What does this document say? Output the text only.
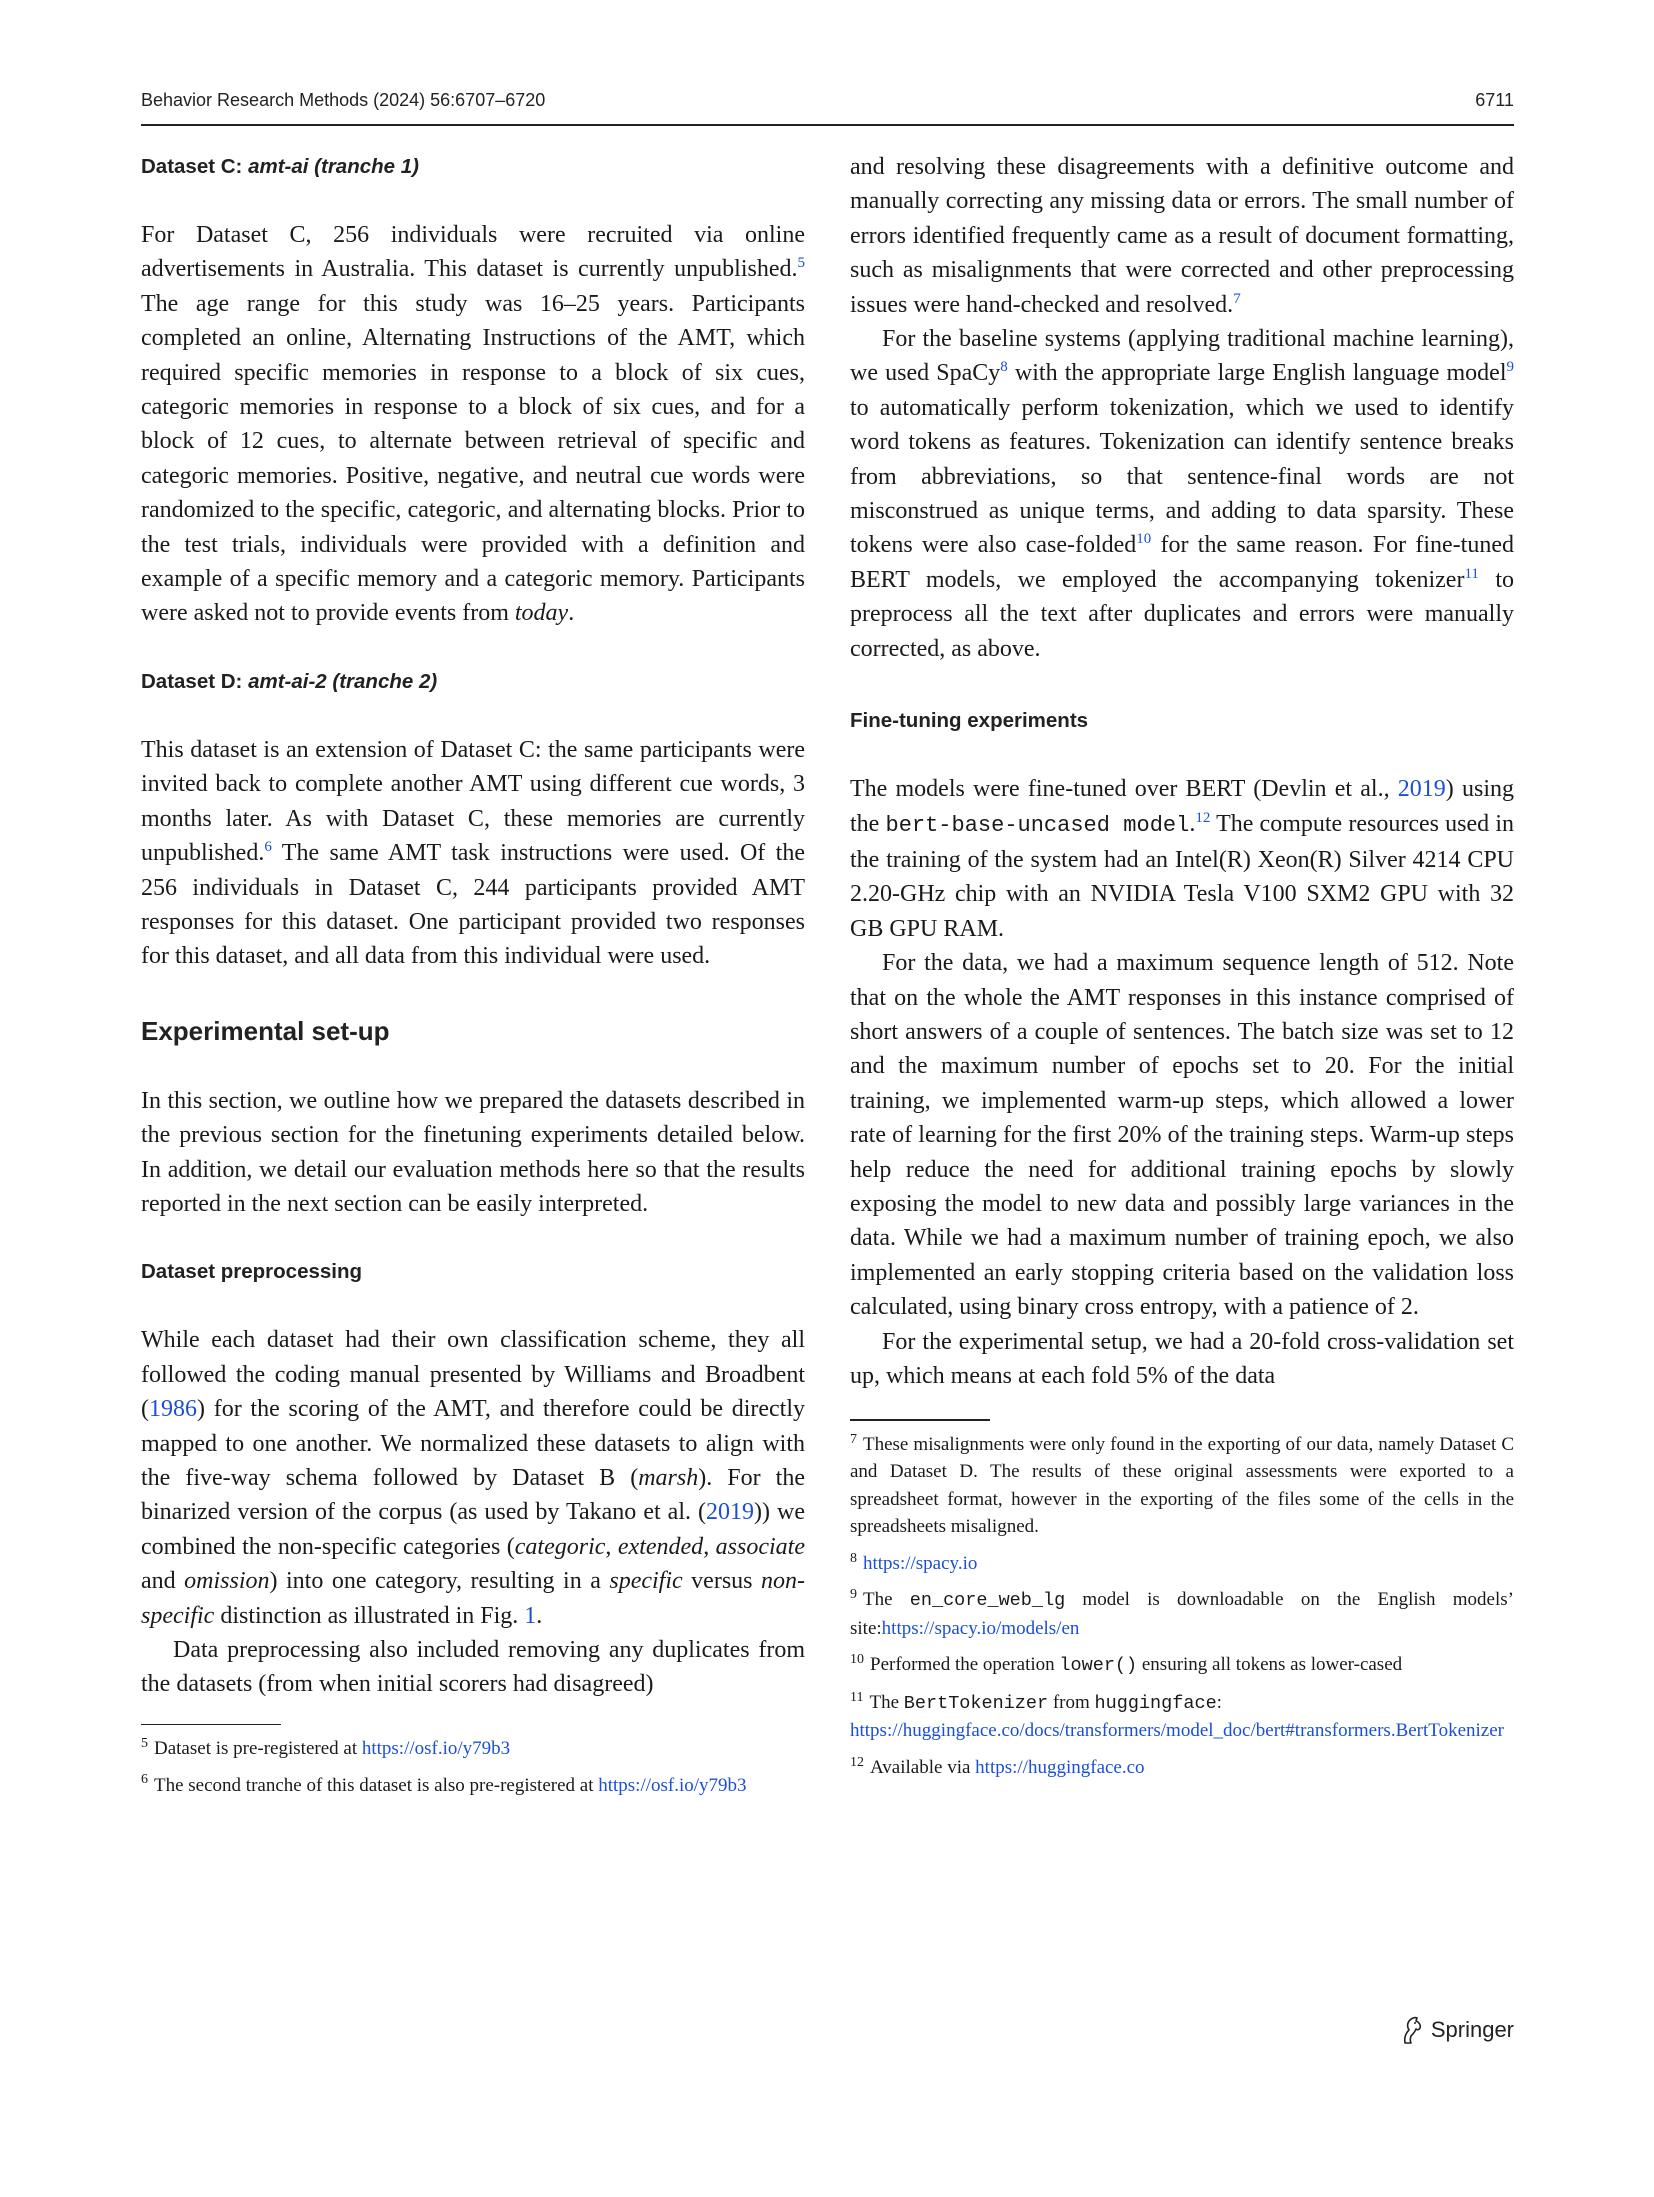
Behavior Research Methods (2024) 56:6707–6720	6711
Dataset C: amt-ai (tranche 1)

For Dataset C, 256 individuals were recruited via online advertisements in Australia. This dataset is currently unpublished.$^5$ The age range for this study was 16–25 years. Participants completed an online, Alternating Instructions of the AMT, which required specific memories in response to a block of six cues, categoric memories in response to a block of six cues, and for a block of 12 cues, to alternate between retrieval of specific and categoric memories. Positive, negative, and neutral cue words were randomized to the specific, categoric, and alternating blocks. Prior to the test trials, individuals were provided with a definition and example of a specific memory and a categoric memory. Participants were asked not to provide events from today.

Dataset D: amt-ai-2 (tranche 2)

This dataset is an extension of Dataset C: the same participants were invited back to complete another AMT using different cue words, 3 months later. As with Dataset C, these memories are currently unpublished.$^6$ The same AMT task instructions were used. Of the 256 individuals in Dataset C, 244 participants provided AMT responses for this dataset. One participant provided two responses for this dataset, and all data from this individual were used.

Experimental set-up

In this section, we outline how we prepared the datasets described in the previous section for the finetuning experiments detailed below. In addition, we detail our evaluation methods here so that the results reported in the next section can be easily interpreted.

Dataset preprocessing

While each dataset had their own classification scheme, they all followed the coding manual presented by Williams and Broadbent (1986) for the scoring of the AMT, and therefore could be directly mapped to one another. We normalized these datasets to align with the five-way schema followed by Dataset B (marsh). For the binarized version of the corpus (as used by Takano et al. (2019)) we combined the non-specific categories (categoric, extended, associate and omission) into one category, resulting in a specific versus non-specific distinction as illustrated in Fig. 1.

Data preprocessing also included removing any duplicates from the datasets (from when initial scorers had disagreed)

$^5$ Dataset is pre-registered at https://osf.io/y79b3

$^6$ The second tranche of this dataset is also pre-registered at https://osf.io/y79b3

and resolving these disagreements with a definitive outcome and manually correcting any missing data or errors. The small number of errors identified frequently came as a result of document formatting, such as misalignments that were corrected and other preprocessing issues were hand-checked and resolved.$^7$

For the baseline systems (applying traditional machine learning), we used SpaCy$^8$ with the appropriate large English language model$^9$ to automatically perform tokenization, which we used to identify word tokens as features. Tokenization can identify sentence breaks from abbreviations, so that sentence-final words are not misconstrued as unique terms, and adding to data sparsity. These tokens were also case-folded$^{10}$ for the same reason. For fine-tuned BERT models, we employed the accompanying tokenizer$^{11}$ to preprocess all the text after duplicates and errors were manually corrected, as above.

Fine-tuning experiments

The models were fine-tuned over BERT (Devlin et al., 2019) using the bert-base-uncased model.$^{12}$ The compute resources used in the training of the system had an Intel(R) Xeon(R) Silver 4214 CPU 2.20-GHz chip with an NVIDIA Tesla V100 SXM2 GPU with 32 GB GPU RAM.

For the data, we had a maximum sequence length of 512. Note that on the whole the AMT responses in this instance comprised of short answers of a couple of sentences. The batch size was set to 12 and the maximum number of epochs set to 20. For the initial training, we implemented warm-up steps, which allowed a lower rate of learning for the first 20% of the training steps. Warm-up steps help reduce the need for additional training epochs by slowly exposing the model to new data and possibly large variances in the data. While we had a maximum number of training epoch, we also implemented an early stopping criteria based on the validation loss calculated, using binary cross entropy, with a patience of 2.

For the experimental setup, we had a 20-fold cross-validation set up, which means at each fold 5% of the data

$^7$ These misalignments were only found in the exporting of our data, namely Dataset C and Dataset D. The results of these original assessments were exported to a spreadsheet format, however in the exporting of the files some of the cells in the spreadsheets misaligned.

$^8$ https://spacy.io

$^9$ The en_core_web_lg model is downloadable on the English models’ site:https://spacy.io/models/en

$^{10}$ Performed the operation lower() ensuring all tokens as lower-cased

$^{11}$ The BertTokenizer from huggingface:
https://huggingface.co/docs/transformers/model_doc/bert#transformers.BertTokenizer

$^{12}$ Available via https://huggingface.co

Springer
